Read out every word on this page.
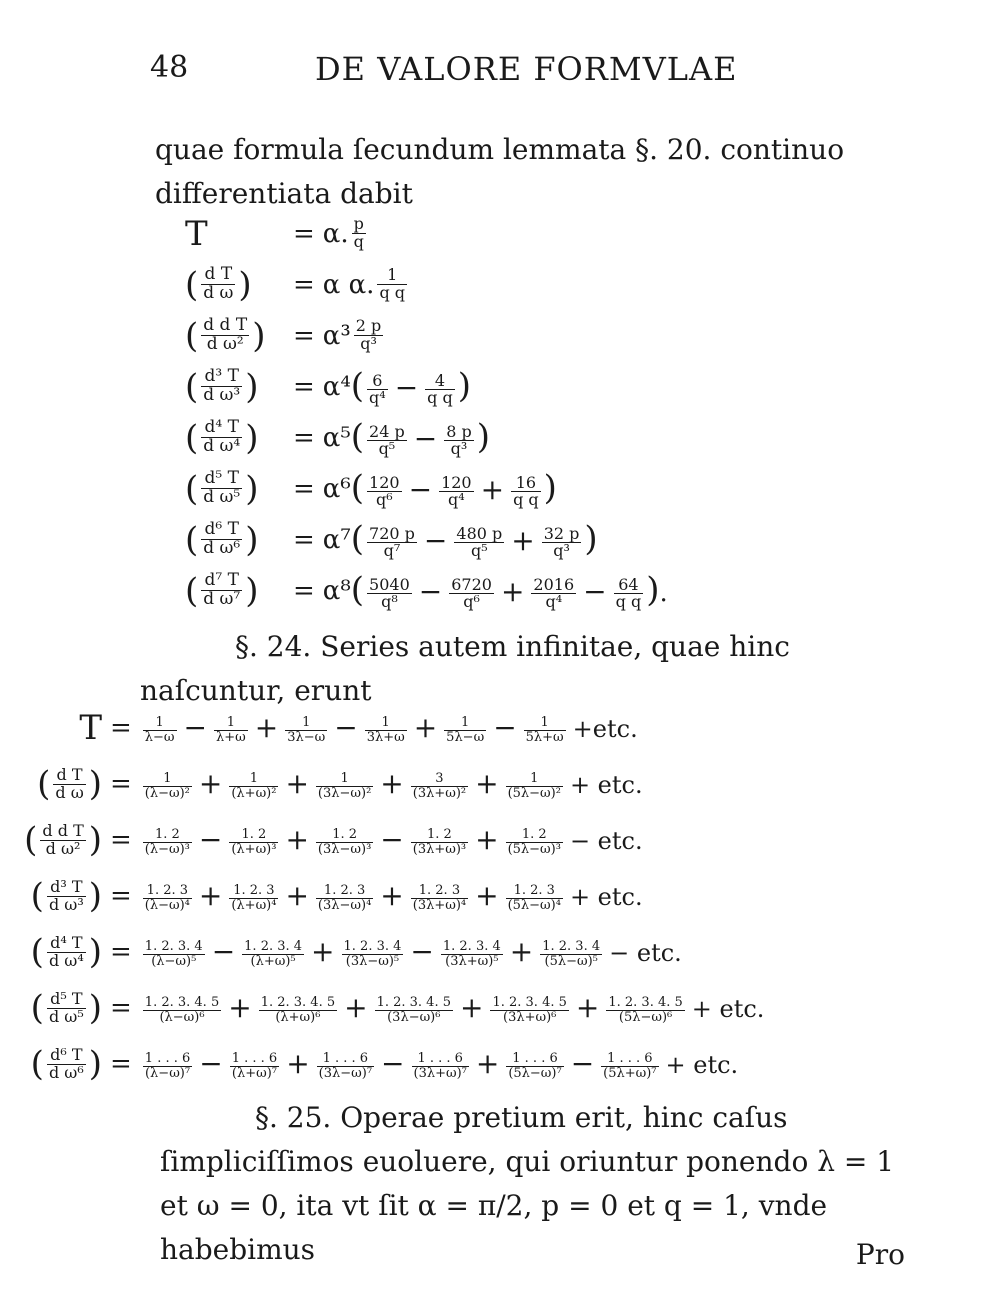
48	DE VALORE FORMVLAE
quae formula ſecundum lemmata §. 20. continuo differentiata dabit
T	= α. $\frac{p}{q}$
( $\frac{\text{d T}}{\text{d ω}}$ ) = α α. $\frac{1}{\text{q q}}$
( $\frac{\text{d d T}}{\text{d ω²}}$ ) = $\alpha^3 \frac{2 p}{\text{q³}}$
( $\frac{\text{d³ T}}{\text{d ω³}}$ ) = α⁴ ( $\frac{6}{\text{q⁴}} - \frac{4}{\text{q q}}$ )
( $\frac{\text{d⁴ T}}{\text{d ω⁴}}$ ) = α⁵ ( $\frac{24 p}{\text{q⁵}} - \frac{8 p}{\text{q³}}$ )
( $\frac{\text{d⁵ T}}{\text{d ω⁵}}$ ) = α⁶ ( $\frac{120}{\text{q⁶}} - \frac{120}{\text{q⁴}} + \frac{16}{\text{q q}}$ )
( $\frac{\text{d⁶ T}}{\text{d ω⁶}}$ ) = α⁷ ( $\frac{720 p}{\text{q⁷}} - \frac{480 p}{\text{q⁵}} + \frac{32 p}{\text{q³}}$ )
( $\frac{\text{d⁷ T}}{\text{d ω⁷}}$ ) = α⁸ ( $\frac{5040}{\text{q⁸}} - \frac{6720}{\text{q⁶}} + \frac{2016}{\text{q⁴}} - \frac{64}{\text{q q}}$ ).
§. 24. Series autem infinitae, quae hinc naſcuntur, erunt
$T = \frac{1}{\lambda-\omega} - \frac{1}{\lambda+\omega} + \frac{1}{3\lambda-\omega} - \frac{1}{3\lambda+\omega} + \frac{1}{5\lambda-\omega} - \frac{1}{5\lambda+\omega} +etc$.
( $\frac{\text{d T}}{\text{d ω}}$ ) = $\frac{1}{\text{(λ−ω)²}} + \frac{1}{\text{(λ+ω)²}} + \frac{1}{\text{(3λ−ω)²}} + \frac{3}{\text{(3λ+ω)²}} + \frac{1}{\text{(5λ−ω)²}}$ + etc.
( $\frac{\text{d d T}}{\text{d ω²}}$ ) = $\frac{1. 2}{\text{(λ−ω)³}} - \frac{1. 2}{\text{(λ+ω)³}} + \frac{1. 2}{\text{(3λ−ω)³}} - \frac{1. 2}{\text{(3λ+ω)³}} + \frac{1. 2}{\text{(5λ−ω)³}}$ − etc.
( $\frac{\text{d³ T}}{\text{d ω³}}$ ) = $\frac{1. 2. 3}{\text{(λ−ω)⁴}} + \frac{1. 2. 3}{\text{(λ+ω)⁴}} + \frac{1. 2. 3}{\text{(3λ−ω)⁴}} + \frac{1. 2. 3}{\text{(3λ+ω)⁴}} + \frac{1. 2. 3}{\text{(5λ−ω)⁴}}$ + etc.
( $\frac{\text{d⁴ T}}{\text{d ω⁴}}$ ) = $\frac{1. 2. 3. 4}{\text{(λ−ω)⁵}} - \frac{1. 2. 3. 4}{\text{(λ+ω)⁵}} + \frac{1. 2. 3. 4}{\text{(3λ−ω)⁵}} - \frac{1. 2. 3. 4}{\text{(3λ+ω)⁵}} + \frac{1. 2. 3. 4}{\text{(5λ−ω)⁵}}$ − etc.
( $\frac{\text{d⁵ T}}{\text{d ω⁵}}$ ) = $\frac{1. 2. 3. 4. 5}{\text{(λ−ω)⁶}} + \frac{1. 2. 3. 4. 5}{\text{(λ+ω)⁶}} + \frac{1. 2. 3. 4. 5}{\text{(3λ−ω)⁶}} + \frac{1. 2. 3. 4. 5}{\text{(3λ+ω)⁶}} + \frac{1. 2. 3. 4. 5}{\text{(5λ−ω)⁶}}$ + etc.
( $\frac{\text{d⁶ T}}{\text{d ω⁶}}$ ) = $\frac{1 . . . 6}{\text{(λ−ω)⁷}} - \frac{1 . . . 6}{\text{(λ+ω)⁷}} + \frac{1 . . . 6}{\text{(3λ−ω)⁷}} - \frac{1 . . . 6}{\text{(3λ+ω)⁷}} + \frac{1 . . . 6}{\text{(5λ−ω)⁷}} - \frac{1 . . . 6}{\text{(5λ+ω)⁷}}$ + etc.
§. 25. Operae pretium erit, hinc caſus ſimpliciſſimos euoluere, qui oriuntur ponendo λ = 1 et ω = 0, ita vt ſit α = π/2, p = 0 et q = 1, vnde habebimus	Pro
